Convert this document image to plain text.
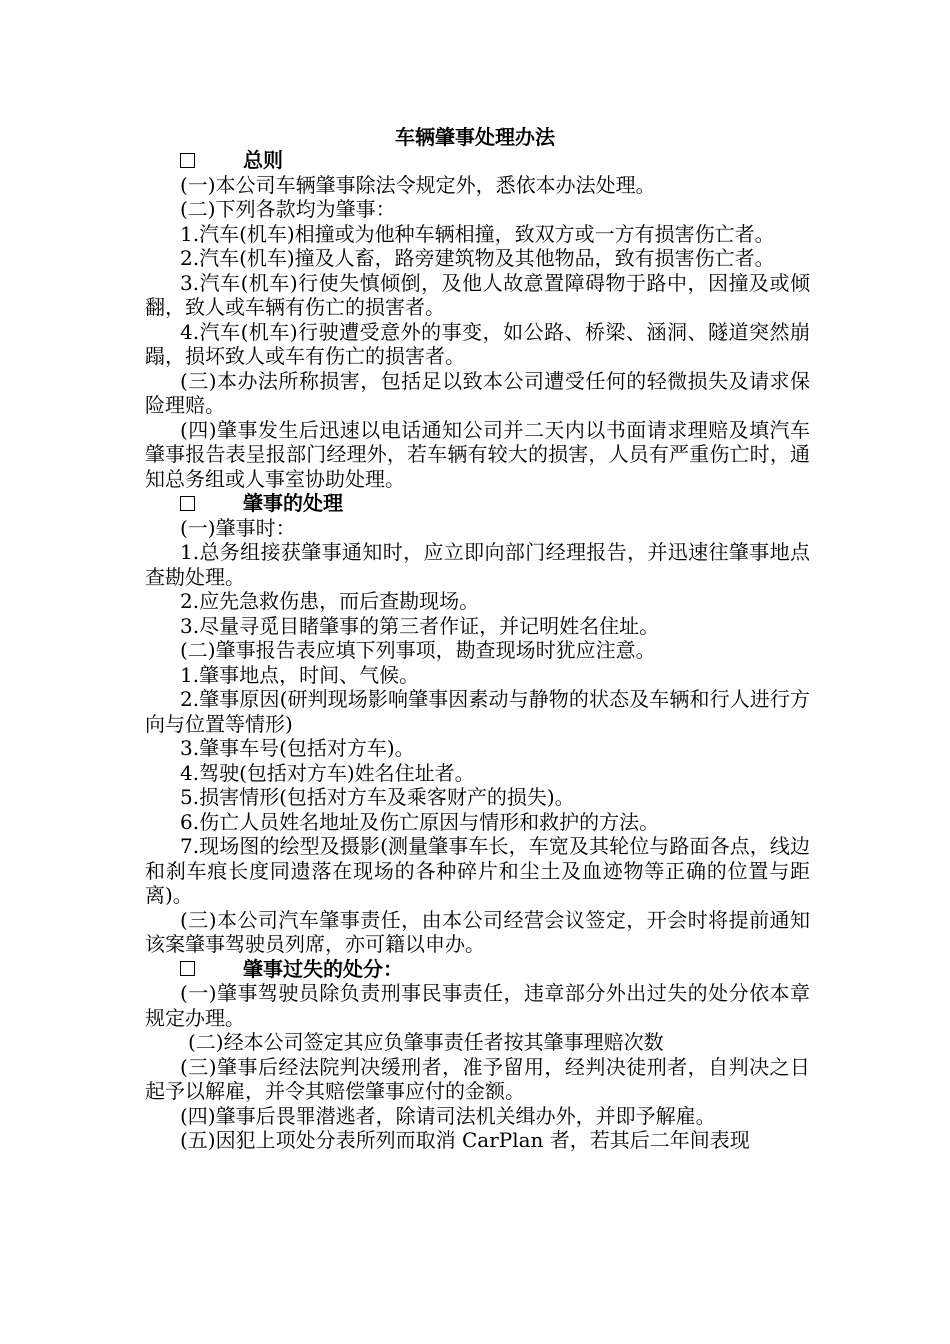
车辆肇事处理办法
总则

(一)本公司车辆肇事除法令规定外，悉依本办法处理。

(二)下列各款均为肇事：

1.汽车(机车)相撞或为他种车辆相撞，致双方或一方有损害伤亡者。

2.汽车(机车)撞及人畜，路旁建筑物及其他物品，致有损害伤亡者。

3.汽车(机车)行使失慎倾倒，及他人故意置障碍物于路中，因撞及或倾翻，致人或车辆有伤亡的损害者。

4.汽车(机车)行驶遭受意外的事变，如公路、桥梁、涵洞、隧道突然崩蹋，损坏致人或车有伤亡的损害者。

(三)本办法所称损害，包括足以致本公司遭受任何的轻微损失及请求保险理赔。

(四)肇事发生后迅速以电话通知公司并二天内以书面请求理赔及填汽车肇事报告表呈报部门经理外，若车辆有较大的损害，人员有严重伤亡时，通知总务组或人事室协助处理。

肇事的处理

(一)肇事时：

1.总务组接获肇事通知时，应立即向部门经理报告，并迅速往肇事地点查勘处理。

2.应先急救伤患，而后查勘现场。

3.尽量寻觅目睹肇事的第三者作证，并记明姓名住址。

(二)肇事报告表应填下列事项，勘查现场时犹应注意。

1.肇事地点，时间、气候。

2.肇事原因(研判现场影响肇事因素动与静物的状态及车辆和行人进行方向与位置等情形)

3.肇事车号(包括对方车)。

4.驾驶(包括对方车)姓名住址者。

5.损害情形(包括对方车及乘客财产的损失)。

6.伤亡人员姓名地址及伤亡原因与情形和救护的方法。

7.现场图的绘型及摄影(测量肇事车长，车宽及其轮位与路面各点，线边和刹车痕长度同遗落在现场的各种碎片和尘土及血迹物等正确的位置与距离)。

(三)本公司汽车肇事责任，由本公司经营会议签定，开会时将提前通知该案肇事驾驶员列席，亦可籍以申办。

肇事过失的处分：

(一)肇事驾驶员除负责刑事民事责任，违章部分外出过失的处分依本章规定办理。

(二)经本公司签定其应负肇事责任者按其肇事理赔次数

(三)肇事后经法院判决缓刑者，准予留用，经判决徒刑者，自判决之日起予以解雇，并令其赔偿肇事应付的金额。

(四)肇事后畏罪潜逃者，除请司法机关缉办外，并即予解雇。

(五)因犯上项处分表所列而取消 CarPlan 者，若其后二年间表现
